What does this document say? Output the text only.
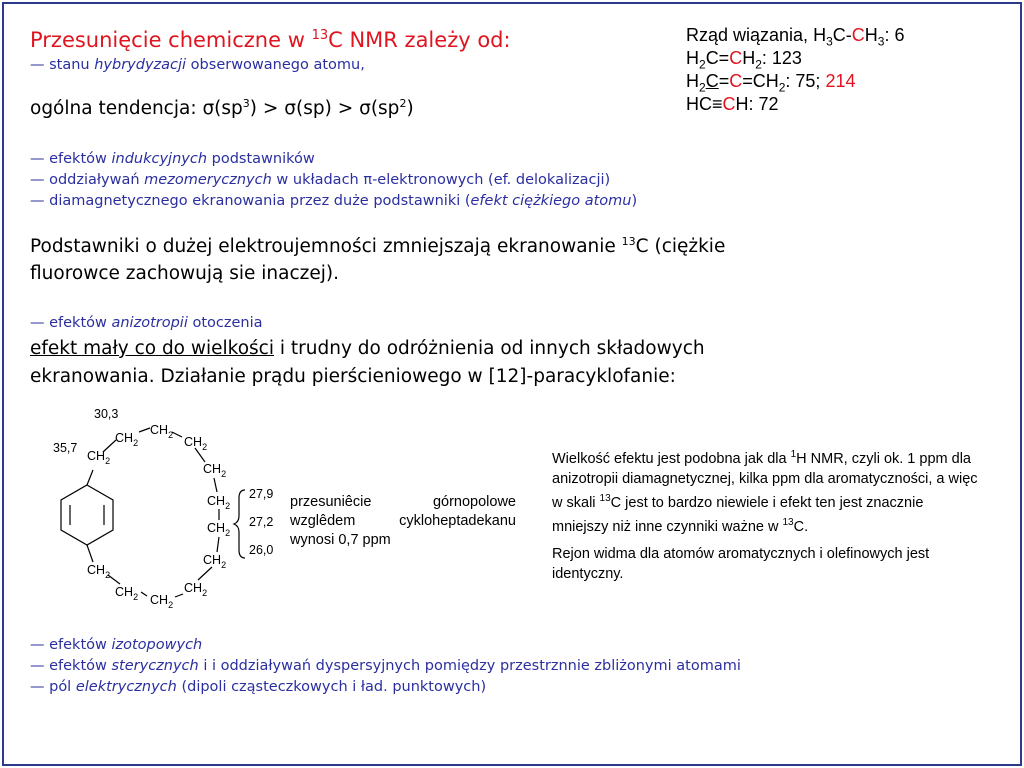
Przesunięcie chemiczne w $^{13}$C NMR zależy od:
— stanu hybrydyzacji obserwowanego atomu,
ogólna tendencja: $\sigma(sp^3) > \sigma(sp) > \sigma(sp^2)$
— efektów indukcyjnych podstawników
— oddziaływań mezomerycznych w układach π-elektronowych (ef. delokalizacji)
— diamagnetycznego ekranowania przez duże podstawniki (efekt ciężkiego atomu)
Podstawniki o dużej elektroujemności zmniejszają ekranowanie $^{13}$C (ciężkie
fluorowce zachowują sie inaczej).
— efektów anizotropii otoczenia
efekt mały co do wielkości i trudny do odróżnienia od innych składowych
ekranowania. Działanie prądu pierścieniowego w [12]-paracyklofanie:
Rząd wiązania, $H_3C-CH_3$: 6
$H_2C=CH_2$: 123
$H_2C=C=CH_2$: 75; 214
HC≡CH: 72
30,3
35,7
27,9
27,2
26,0
$CH_2$
$CH_2$
$CH_2$ $CH_2$
$CH_2$
$CH_2$
$CH_2$
$CH_2$
$CH_2$
$CH_2$
$CH_2$
$CH_2$
przesuniêcie górnopolowe wzglêdem cykloheptadekanu wynosi 0,7 ppm

Wielkość efektu jest podobna jak dla $^1$H NMR, czyli ok. 1 ppm dla anizotropii diamagnetycznej, kilka ppm dla aromatyczności, a więc w skali $^{13}$C jest to bardzo niewiele i efekt ten jest znacznie mniejszy niż inne czynniki ważne w $^{13}$C.

Rejon widma dla atomów aromatycznych i olefinowych jest identyczny.

— efektów izotopowych
— efektów sterycznych i i oddziaływań dyspersyjnych pomiędzy przestrznnie zbliżonymi atomami
— pól elektrycznych (dipoli cząsteczkowych i ład. punktowych)
